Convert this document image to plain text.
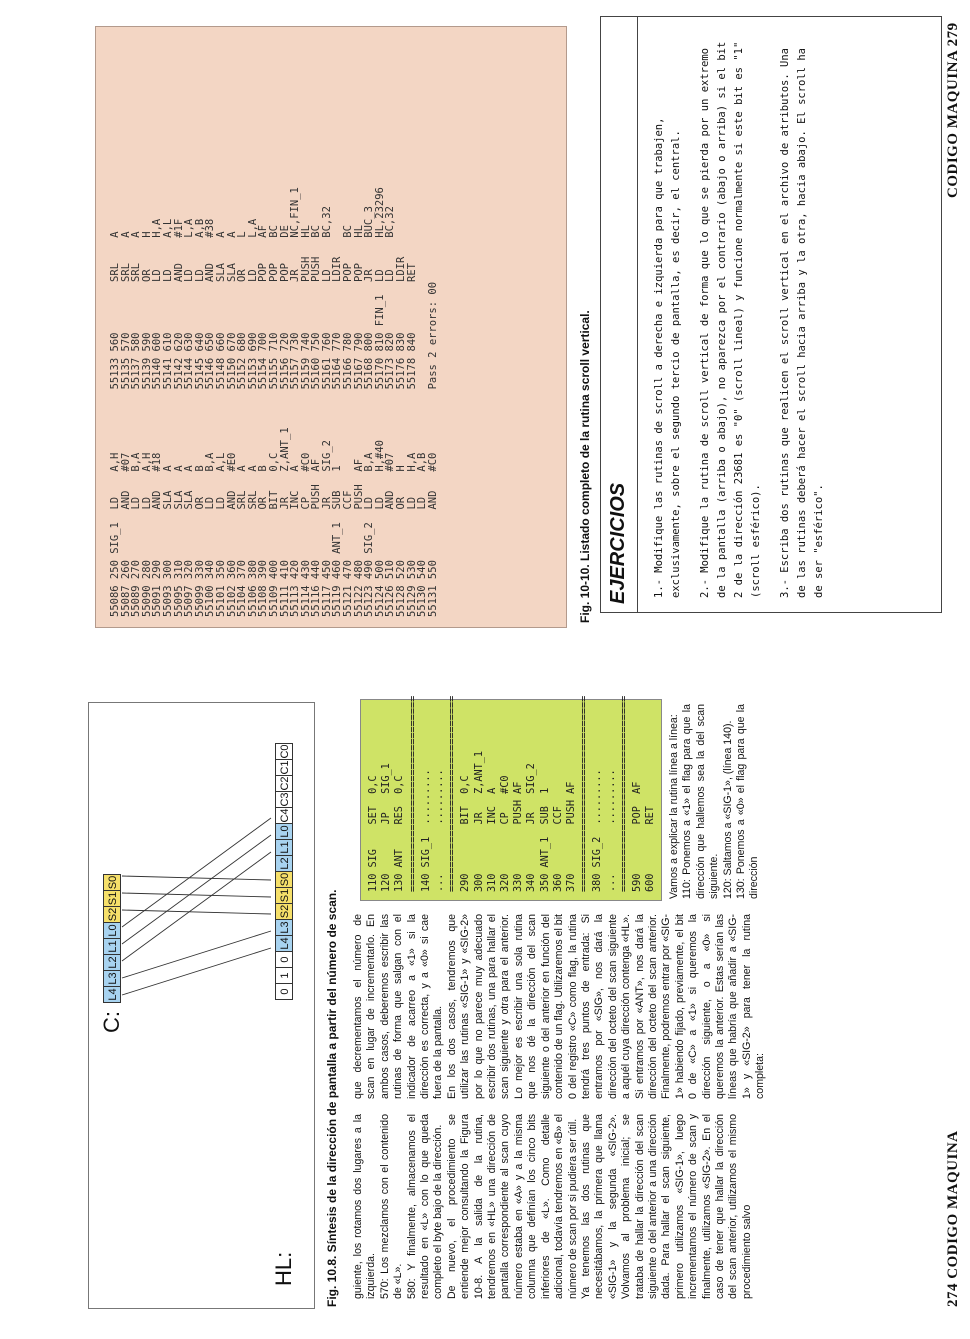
55086 250 SIG_1  LD    A,H          55133 560        SRL    A
55087 260        AND   #07          55135 570        SRL    A
55089 270        LD    B,A          55137 580        SRL    A
55090 280        LD    A,H          55139 590        OR     H
55091 290        AND   #18          55140 600        LD     H,A
55093 300        SLA   A            55141 610        LD     A,L
55095 310        SLA   A            55142 620        AND    #1F
55097 320        SLA   A            55144 630        LD     L,A
55099 330        OR    B            55145 640        LD     A,B
55100 340        LD    B,A          55146 650        AND    #38
55101 350        LD    A,L          55148 660        SLA    A
55102 360        AND   #E0          55150 670        SLA    A
55104 370        SRL   A            55152 680        OR     L
55106 380        SRL   A            55153 690        LD     L,A
55108 390        OR    B            55154 700        POP    AF
55109 400        BIT   0,C          55155 710        POP    BC
55111 410        JR    Z,ANT_1      55156 720        POP    DE
55113 420        INC   A            55157 730        JR     NC,FIN_1
55114 430        CP    #C0          55159 740        PUSH   HL
55116 440        PUSH  AF           55160 750        PUSH   BC
55117 450        JR    SIG_2        55161 760        LD     BC,32
55119 460 ANT_1  SUB   1            55164 770        LDIR
55121 470        CCF                55166 780        POP    BC
55122 480        PUSH  AF           55167 790        POP    HL
55123 490 SIG_2  LD    B,A          55168 800        JR     BUC_3
55124 500        LD    H,#40        55170 810 FIN_1  LD     HL,23296
55126 510        AND   #07          55173 820        LD     BC,32
55128 520        OR    H            55176 830        LDIR
55129 530        LD    H,A          55178 840        RET
55130 540        LD    A,B
55131 550        AND   #C0          Pass 2 errors: 00
Fig. 10-10. Listado completo de la rutina scroll vertical. EJERCICIOS 1.- Modifique las rutinas de scroll a derecha e izquierda para que trabajen, exclusivamente, sobre el segundo tercio de pantalla, es decir, el central. 2.- Modifique la rutina de scroll vertical de forma que lo que se pierda por un extremo de la pantalla (arriba o abajo), no aparezca por el contrario (abajo o arriba) si el bit 2 de la dirección 23681 es "0" (scroll lineal) y funcione normalmente si este bit es "1" (scroll esférico). 3.- Escriba dos rutinas que realicen el scroll vertical en el archivo de atributos. Una de las rutinas deberá hacer el scroll hacia arriba y la otra, hacia abajo. El scroll ha de ser "esférico".
CODIGO MAQUINA 279
C:
L4
L3
L2
L1
L0
S2
S1
S0
HL:
0
1
0
L4
L3
S2
S1
S0
L2
L1
L0
C4
C3
C2
C1
C0
Fig. 10.8. Síntesis de la dirección de pantalla a partir del número de scan. guiente, los rotamos dos lugares a la izquierda. 570: Los mezclamos con el contenido de «L». 580: Y finalmente, almacenamos el resultado en «L» con lo que queda completo el byte bajo de la dirección. De nuevo, el procedimiento se entiende mejor consultando la Figura 10-8. A la salida de la rutina, tendremos en «HL» una dirección de pantalla correspondiente al scan cuyo número estaba en «A» y a la misma columna que definían los cinco bits inferiores de «L». Como detalle adicional, todavía tendremos en «B» el número de scan por si pudiera ser útil. Ya tenemos las dos rutinas que necesitábamos, la primera que llama «SIG-1» y la segunda «SIG-2». Volvamos al problema inicial; se trataba de hallar la dirección del scan siguiente o del anterior a una dirección dada. Para hallar el scan siguiente, primero utilizamos «SIG-1», luego incrementamos el número de scan y finalmente, utilizamos «SIG-2». En el caso de tener que hallar la dirección del scan anterior, utilizamos el mismo procedimiento salvo

que decrementamos el número de scan en lugar de incrementarlo. En ambos casos, deberemos escribir las rutinas de forma que salgan con el indicador de acarreo a «1» si la dirección es correcta, y a «0» si cae fuera de la pantalla. En los dos casos, tendremos que utilizar las rutinas «SIG-1» y «SIG-2» por lo que no parece muy adecuado escribir dos rutinas, una para hallar el scan siguiente y otra para el anterior. Lo mejor es escribir una sola rutina que nos dé la dirección del scan siguiente o del anterior en función del contenido de un flag. Utilizaremos el bit 0 del registro «C» como flag, la rutina tendrá tres puntos de entrada: Si entramos por «SIG», nos dará la dirección del octeto del scan siguiente a aquél cuya dirección contenga «HL». Si entramos por «ANT», nos dará la dirección del octeto del scan anterior. Finalmente, podremos entrar por «SIG-1» habiendo fijado, previamente, el bit 0 de «C» a «1» si queremos la dirección siguiente, o a «0» si queremos la anterior. Estas serían las líneas que habría que añadir a «SIG-1» y «SIG-2» para tener la rutina completa:

110 SIG    SET  0,C
120        JP   SIG_1
130 ANT    RES  0,C
================================
140 SIG_1  .........
...        .........
================================
290        BIT  0,C
300        JR   Z,ANT_1
310        INC  A
320        CP   #C0
330        PUSH AF
340        JR   SIG_2
350 ANT_1  SUB  1
360        CCF
370        PUSH AF
================================
380 SIG_2  .........
...        .........
================================
590        POP  AF
600        RET	Vamos a explicar la rutina línea a línea: 110: Ponemos a «1» el flag para que la dirección que hallemos sea la del scan siguiente. 120: Saltamos a «SIG-1», (línea 140). 130: Ponemos a «0» el flag para que la dirección

274 CODIGO MAQUINA
